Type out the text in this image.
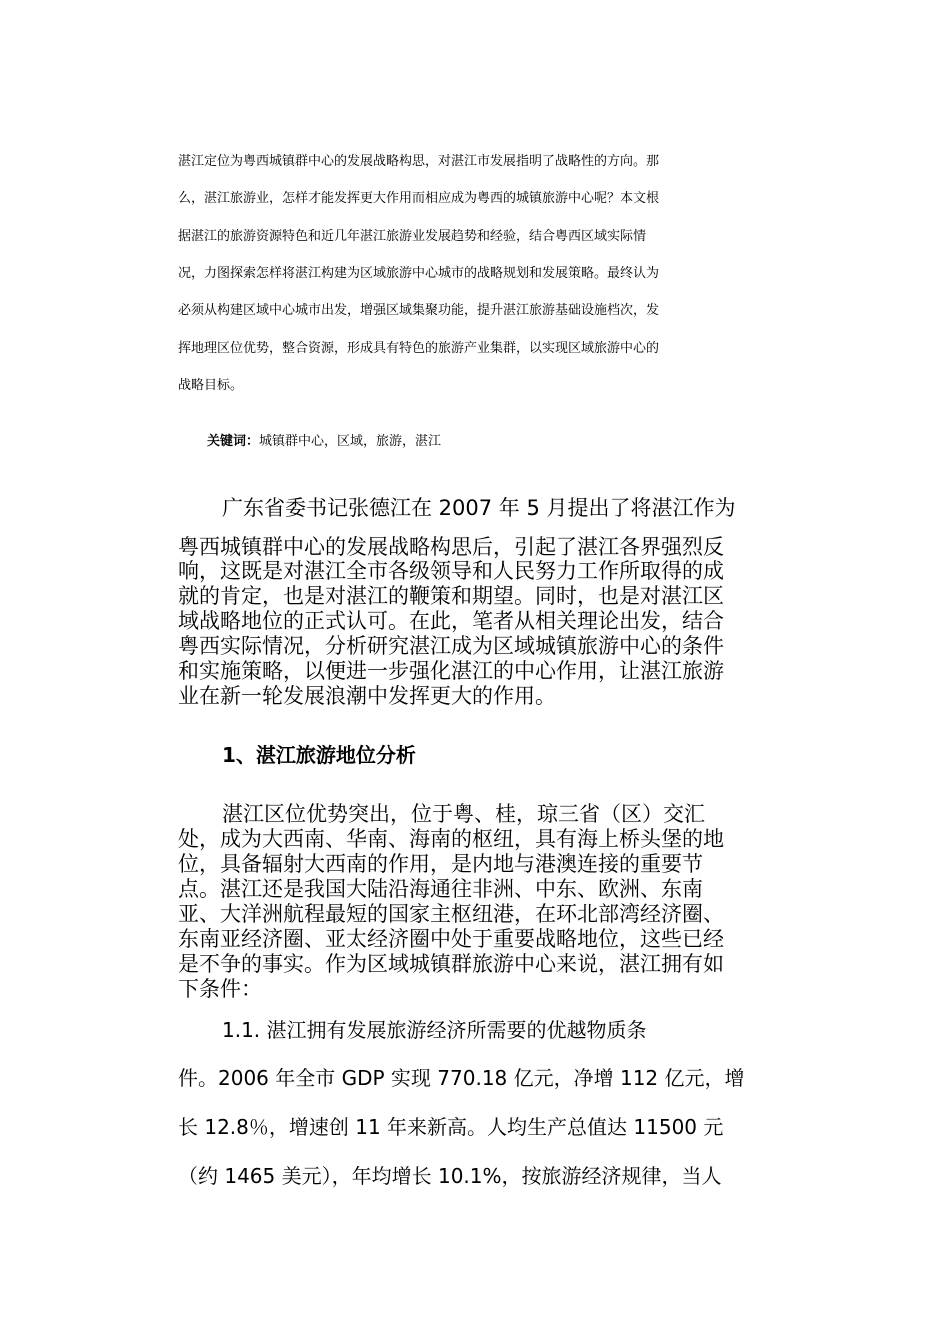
湛江定位为粤西城镇群中心的发展战略构思，对湛江市发展指明了战略性的方向。那
么，湛江旅游业，怎样才能发挥更大作用而相应成为粤西的城镇旅游中心呢？本文根
据湛江的旅游资源特色和近几年湛江旅游业发展趋势和经验，结合粤西区域实际情
况，力图探索怎样将湛江构建为区域旅游中心城市的战略规划和发展策略。最终认为
必须从构建区域中心城市出发，增强区域集聚功能，提升湛江旅游基础设施档次，发
挥地理区位优势，整合资源，形成具有特色的旅游产业集群，以实现区域旅游中心的
战略目标。
关键词：城镇群中心，区域，旅游，湛江
广东省委书记张德江在 2007 年 5 月提出了将湛江作为
粤西城镇群中心的发展战略构思后，引起了湛江各界强烈反
响，这既是对湛江全市各级领导和人民努力工作所取得的成
就的肯定，也是对湛江的鞭策和期望。同时，也是对湛江区
域战略地位的正式认可。在此，笔者从相关理论出发，结合
粤西实际情况，分析研究湛江成为区域城镇旅游中心的条件
和实施策略，以便进一步强化湛江的中心作用，让湛江旅游
业在新一轮发展浪潮中发挥更大的作用。
1、湛江旅游地位分析
湛江区位优势突出，位于粤、桂，琼三省（区）交汇
处，成为大西南、华南、海南的枢纽，具有海上桥头堡的地
位，具备辐射大西南的作用，是内地与港澳连接的重要节
点。湛江还是我国大陆沿海通往非洲、中东、欧洲、东南
亚、大洋洲航程最短的国家主枢纽港，在环北部湾经济圈、
东南亚经济圈、亚太经济圈中处于重要战略地位，这些已经
是不争的事实。作为区域城镇群旅游中心来说，湛江拥有如
下条件：
1.1. 湛江拥有发展旅游经济所需要的优越物质条
件。2006 年全市 GDP 实现 770.18 亿元，净增 112 亿元，增
长 12.8％，增速创 11 年来新高。人均生产总值达 11500 元
（约 1465 美元），年均增长 10.1%，按旅游经济规律，当人
